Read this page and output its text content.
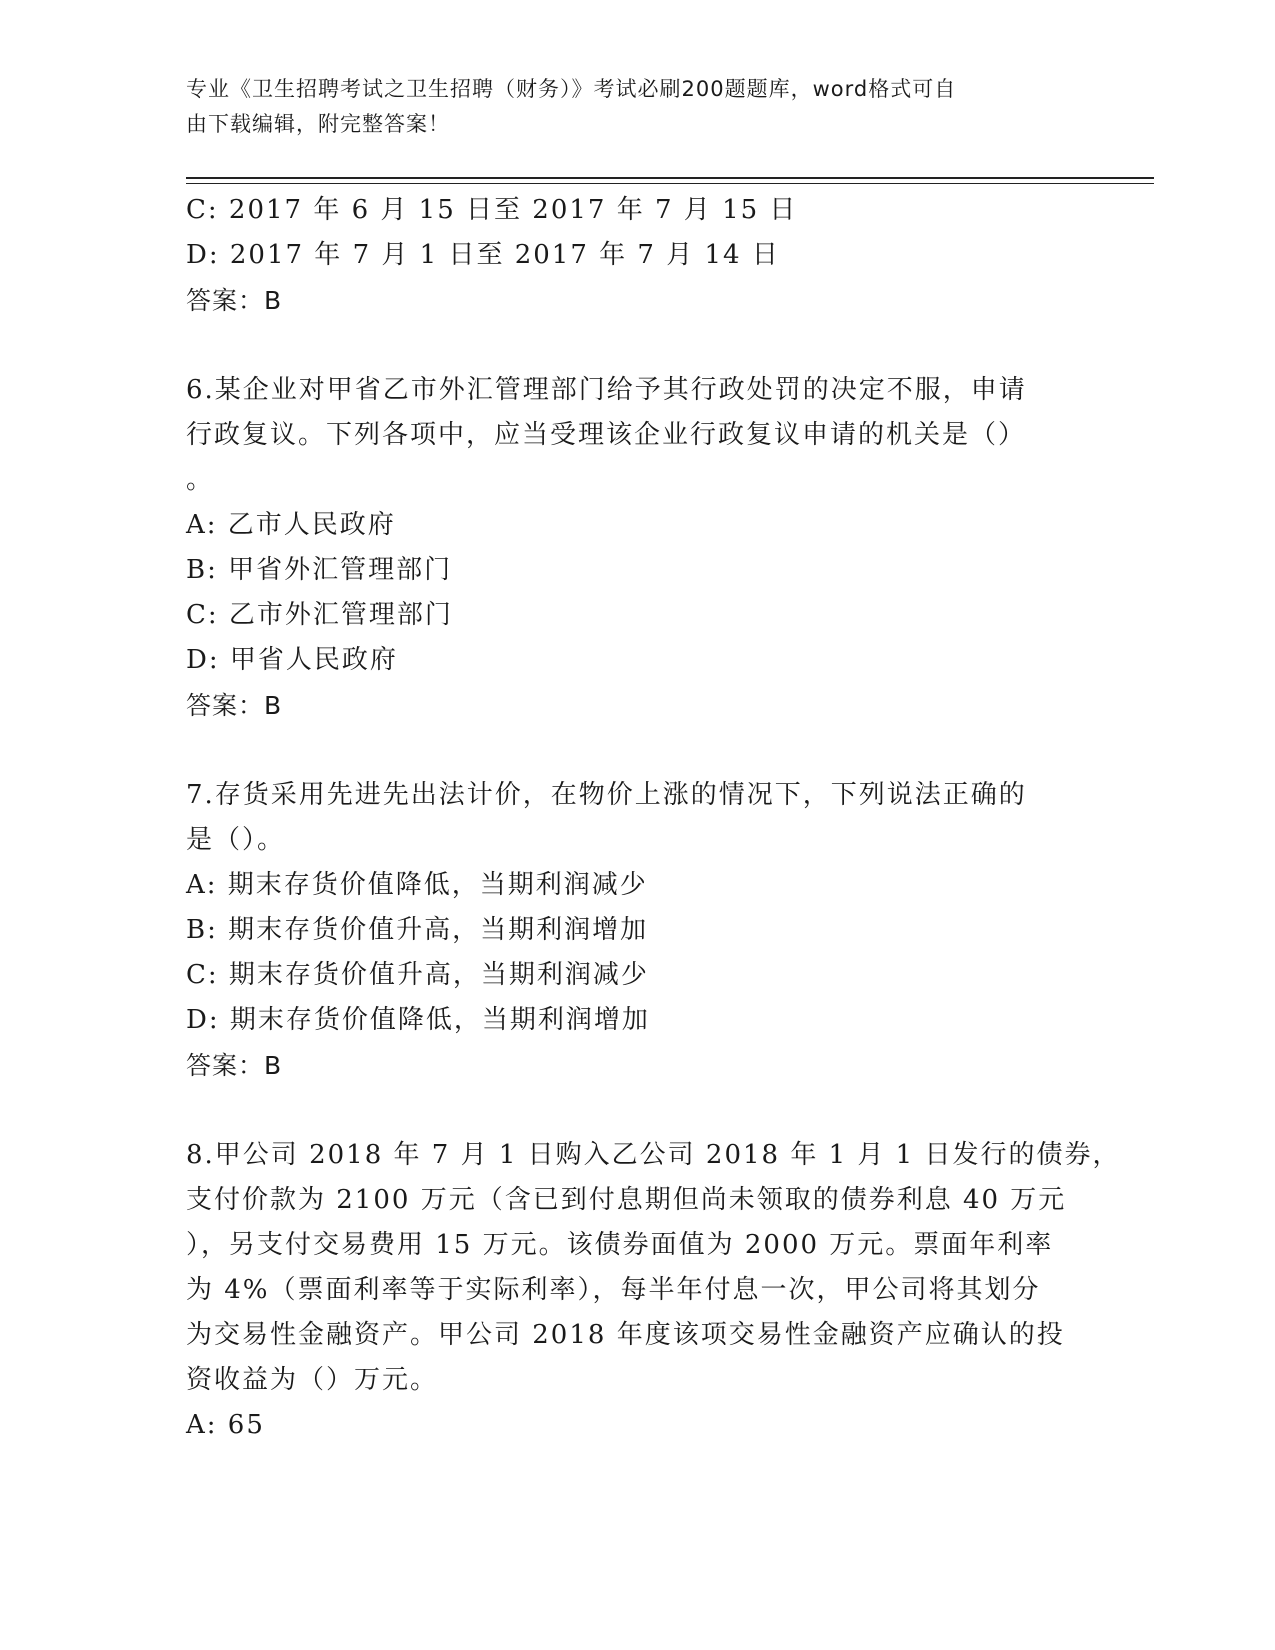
专业《卫生招聘考试之卫生招聘（财务）》考试必刷200题题库，word格式可自
由下载编辑，附完整答案！
C: 2017 年 6 月 15 日至 2017 年 7 月 15 日
D: 2017 年 7 月 1 日至 2017 年 7 月 14 日
答案：B
6.某企业对甲省乙市外汇管理部门给予其行政处罚的决定不服，申请
行政复议。下列各项中，应当受理该企业行政复议申请的机关是（）
。
A: 乙市人民政府
B: 甲省外汇管理部门
C: 乙市外汇管理部门
D: 甲省人民政府
答案：B
7.存货采用先进先出法计价，在物价上涨的情况下，下列说法正确的
是（）。
A: 期末存货价值降低，当期利润减少
B: 期末存货价值升高，当期利润增加
C: 期末存货价值升高，当期利润减少
D: 期末存货价值降低，当期利润增加
答案：B
8.甲公司 2018 年 7 月 1 日购入乙公司 2018 年 1 月 1 日发行的债券，
支付价款为 2100 万元（含已到付息期但尚未领取的债券利息 40 万元
），另支付交易费用 15 万元。该债券面值为 2000 万元。票面年利率
为 4%（票面利率等于实际利率），每半年付息一次，甲公司将其划分
为交易性金融资产。甲公司 2018 年度该项交易性金融资产应确认的投
资收益为（）万元。
A: 65
